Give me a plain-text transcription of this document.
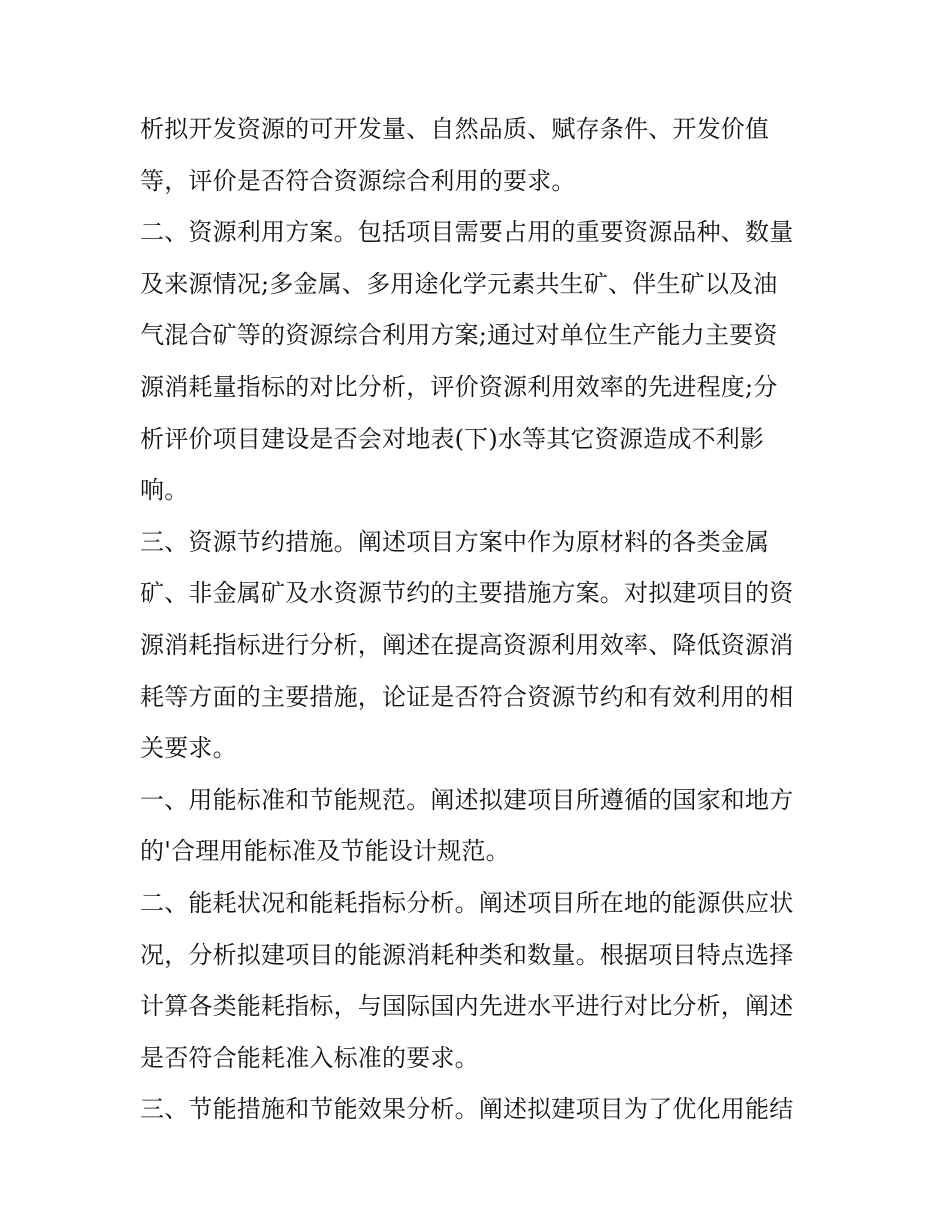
析拟开发资源的可开发量、自然品质、赋存条件、开发价值
等，评价是否符合资源综合利用的要求。
二、资源利用方案。包括项目需要占用的重要资源品种、数量
及来源情况;多金属、多用途化学元素共生矿、伴生矿以及油
气混合矿等的资源综合利用方案;通过对单位生产能力主要资
源消耗量指标的对比分析，评价资源利用效率的先进程度;分
析评价项目建设是否会对地表(下)水等其它资源造成不利影
响。
三、资源节约措施。阐述项目方案中作为原材料的各类金属
矿、非金属矿及水资源节约的主要措施方案。对拟建项目的资
源消耗指标进行分析，阐述在提高资源利用效率、降低资源消
耗等方面的主要措施，论证是否符合资源节约和有效利用的相
关要求。
一、用能标准和节能规范。阐述拟建项目所遵循的国家和地方
的'合理用能标准及节能设计规范。
二、能耗状况和能耗指标分析。阐述项目所在地的能源供应状
况，分析拟建项目的能源消耗种类和数量。根据项目特点选择
计算各类能耗指标，与国际国内先进水平进行对比分析，阐述
是否符合能耗准入标准的要求。
三、节能措施和节能效果分析。阐述拟建项目为了优化用能结
